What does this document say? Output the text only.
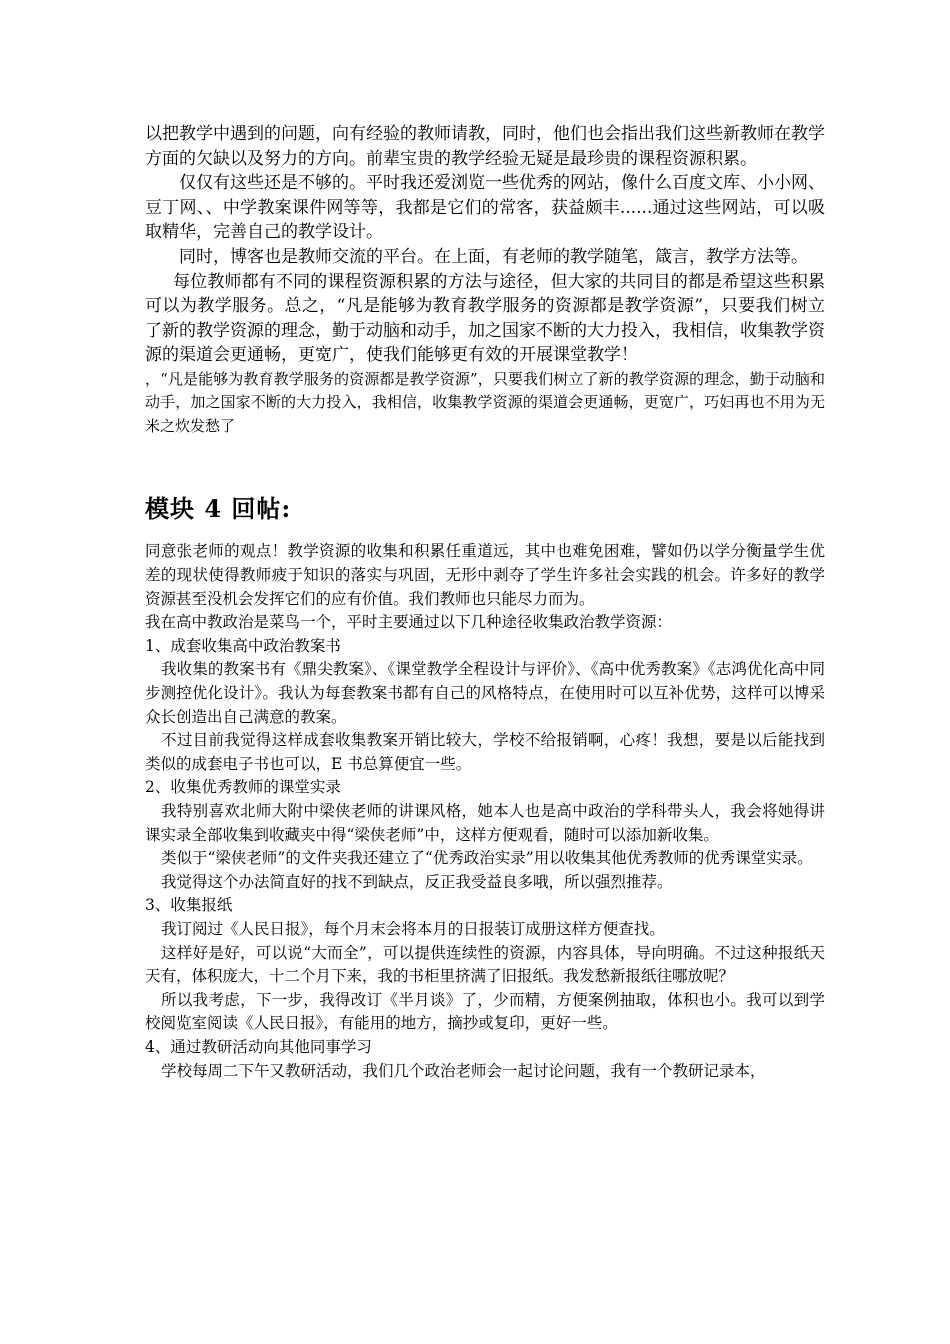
以把教学中遇到的问题，向有经验的教师请教，同时，他们也会指出我们这些新教师在教学方面的欠缺以及努力的方向。前辈宝贵的教学经验无疑是最珍贵的课程资源积累。

仅仅有这些还是不够的。平时我还爱浏览一些优秀的网站，像什么百度文库、小小网、豆丁网、、中学教案课件网等等，我都是它们的常客，获益颇丰......通过这些网站，可以吸取精华，完善自己的教学设计。

同时，博客也是教师交流的平台。在上面，有老师的教学随笔，箴言，教学方法等。

每位教师都有不同的课程资源积累的方法与途径，但大家的共同目的都是希望这些积累可以为教学服务。总之，“凡是能够为教育教学服务的资源都是教学资源”，只要我们树立了新的教学资源的理念，勤于动脑和动手，加之国家不断的大力投入，我相信，收集教学资源的渠道会更通畅，更宽广，使我们能够更有效的开展课堂教学！

，“凡是能够为教育教学服务的资源都是教学资源”，只要我们树立了新的教学资源的理念，勤于动脑和动手，加之国家不断的大力投入，我相信，收集教学资源的渠道会更通畅，更宽广，巧妇再也不用为无米之炊发愁了

模块 4 回帖:

同意张老师的观点！教学资源的收集和积累任重道远，其中也难免困难，譬如仍以学分衡量学生优差的现状使得教师疲于知识的落实与巩固，无形中剥夺了学生许多社会实践的机会。许多好的教学资源甚至没机会发挥它们的应有价值。我们教师也只能尽力而为。

我在高中教政治是菜鸟一个，平时主要通过以下几种途径收集政治教学资源：

1、成套收集高中政治教案书

我收集的教案书有《鼎尖教案》、《课堂教学全程设计与评价》、《高中优秀教案》《志鸿优化高中同步测控优化设计》。我认为每套教案书都有自己的风格特点，在使用时可以互补优势，这样可以博采众长创造出自己满意的教案。

不过目前我觉得这样成套收集教案开销比较大，学校不给报销啊，心疼！我想，要是以后能找到类似的成套电子书也可以，E 书总算便宜一些。

2、收集优秀教师的课堂实录

我特别喜欢北师大附中梁侠老师的讲课风格，她本人也是高中政治的学科带头人，我会将她得讲课实录全部收集到收藏夹中得“梁侠老师”中，这样方便观看，随时可以添加新收集。

类似于“梁侠老师”的文件夹我还建立了“优秀政治实录”用以收集其他优秀教师的优秀课堂实录。

我觉得这个办法简直好的找不到缺点，反正我受益良多哦，所以强烈推荐。

3、收集报纸

我订阅过《人民日报》，每个月末会将本月的日报装订成册这样方便查找。

这样好是好，可以说“大而全”，可以提供连续性的资源，内容具体，导向明确。不过这种报纸天天有，体积庞大，十二个月下来，我的书柜里挤满了旧报纸。我发愁新报纸往哪放呢？

所以我考虑，下一步，我得改订《半月谈》了，少而精，方便案例抽取，体积也小。我可以到学校阅览室阅读《人民日报》，有能用的地方，摘抄或复印，更好一些。

4、通过教研活动向其他同事学习

学校每周二下午又教研活动，我们几个政治老师会一起讨论问题，我有一个教研记录本，
